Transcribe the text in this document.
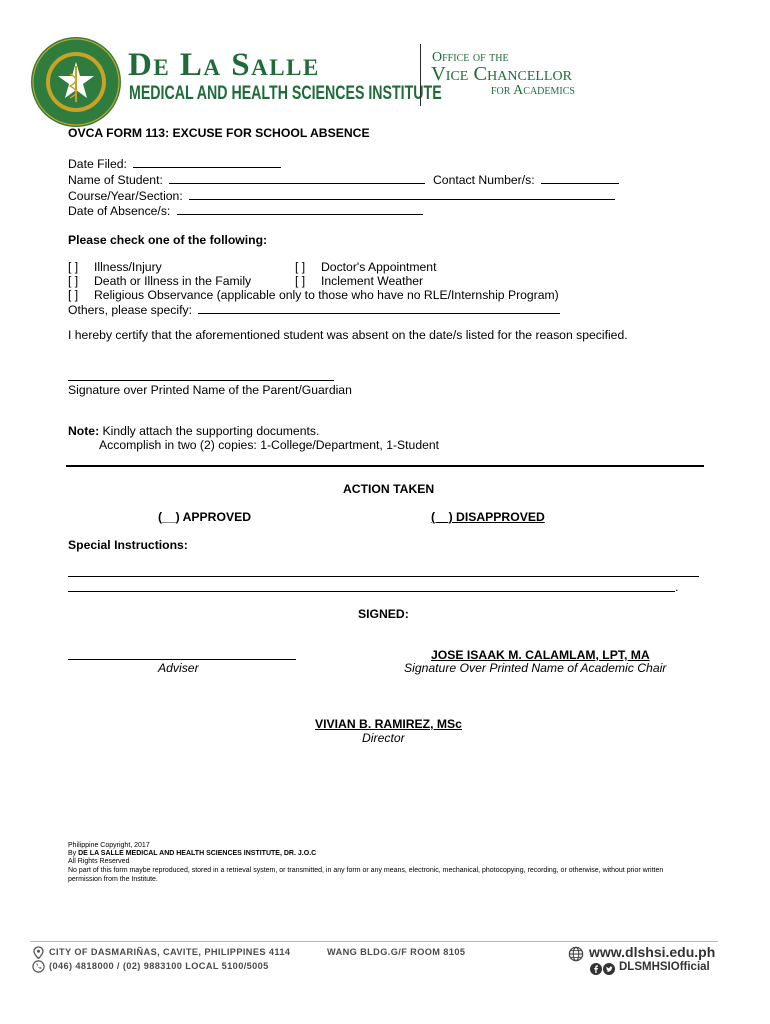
De La Salle
MEDICAL AND HEALTH SCIENCES INSTITUTE
Office of the
Vice Chancellor
for Academics
OVCA FORM 113: EXCUSE FOR SCHOOL ABSENCE
Date Filed:
Name of Student:	Contact Number/s:
Course/Year/Section:
Date of Absence/s:
Please check one of the following:
[ ] Illness/Injury	[ ] Doctor's Appointment
[ ] Death or Illness in the Family	[ ] Inclement Weather
[ ] Religious Observance (applicable only to those who have no RLE/Internship Program)
Others, please specify:
I hereby certify that the aforementioned student was absent on the date/s listed for the reason specified.
Signature over Printed Name of the Parent/Guardian
Note: Kindly attach the supporting documents.
Accomplish in two (2) copies: 1-College/Department, 1-Student
ACTION TAKEN
(__) APPROVED	(__) DISAPPROVED
Special Instructions:
.
SIGNED:
Adviser
JOSE ISAAK M. CALAMLAM, LPT, MA
Signature Over Printed Name of Academic Chair
VIVIAN B. RAMIREZ, MSc
Director
Philippine Copyright, 2017
By DE LA SALLE MEDICAL AND HEALTH SCIENCES INSTITUTE, DR. J.O.C
All Rights Reserved
No part of this form maybe reproduced, stored in a retrieval system, or transmitted, in any form or any means, electronic, mechanical, photocopying, recording, or otherwise, without prior written
permission from the Institute.
CITY OF DASMARIÑAS, CAVITE, PHILIPPINES 4114
(046) 4818000 / (02) 9883100 LOCAL 5100/5005
WANG BLDG.G/F ROOM 8105	www.dlshsi.edu.ph
DLSMHSIOfficial
